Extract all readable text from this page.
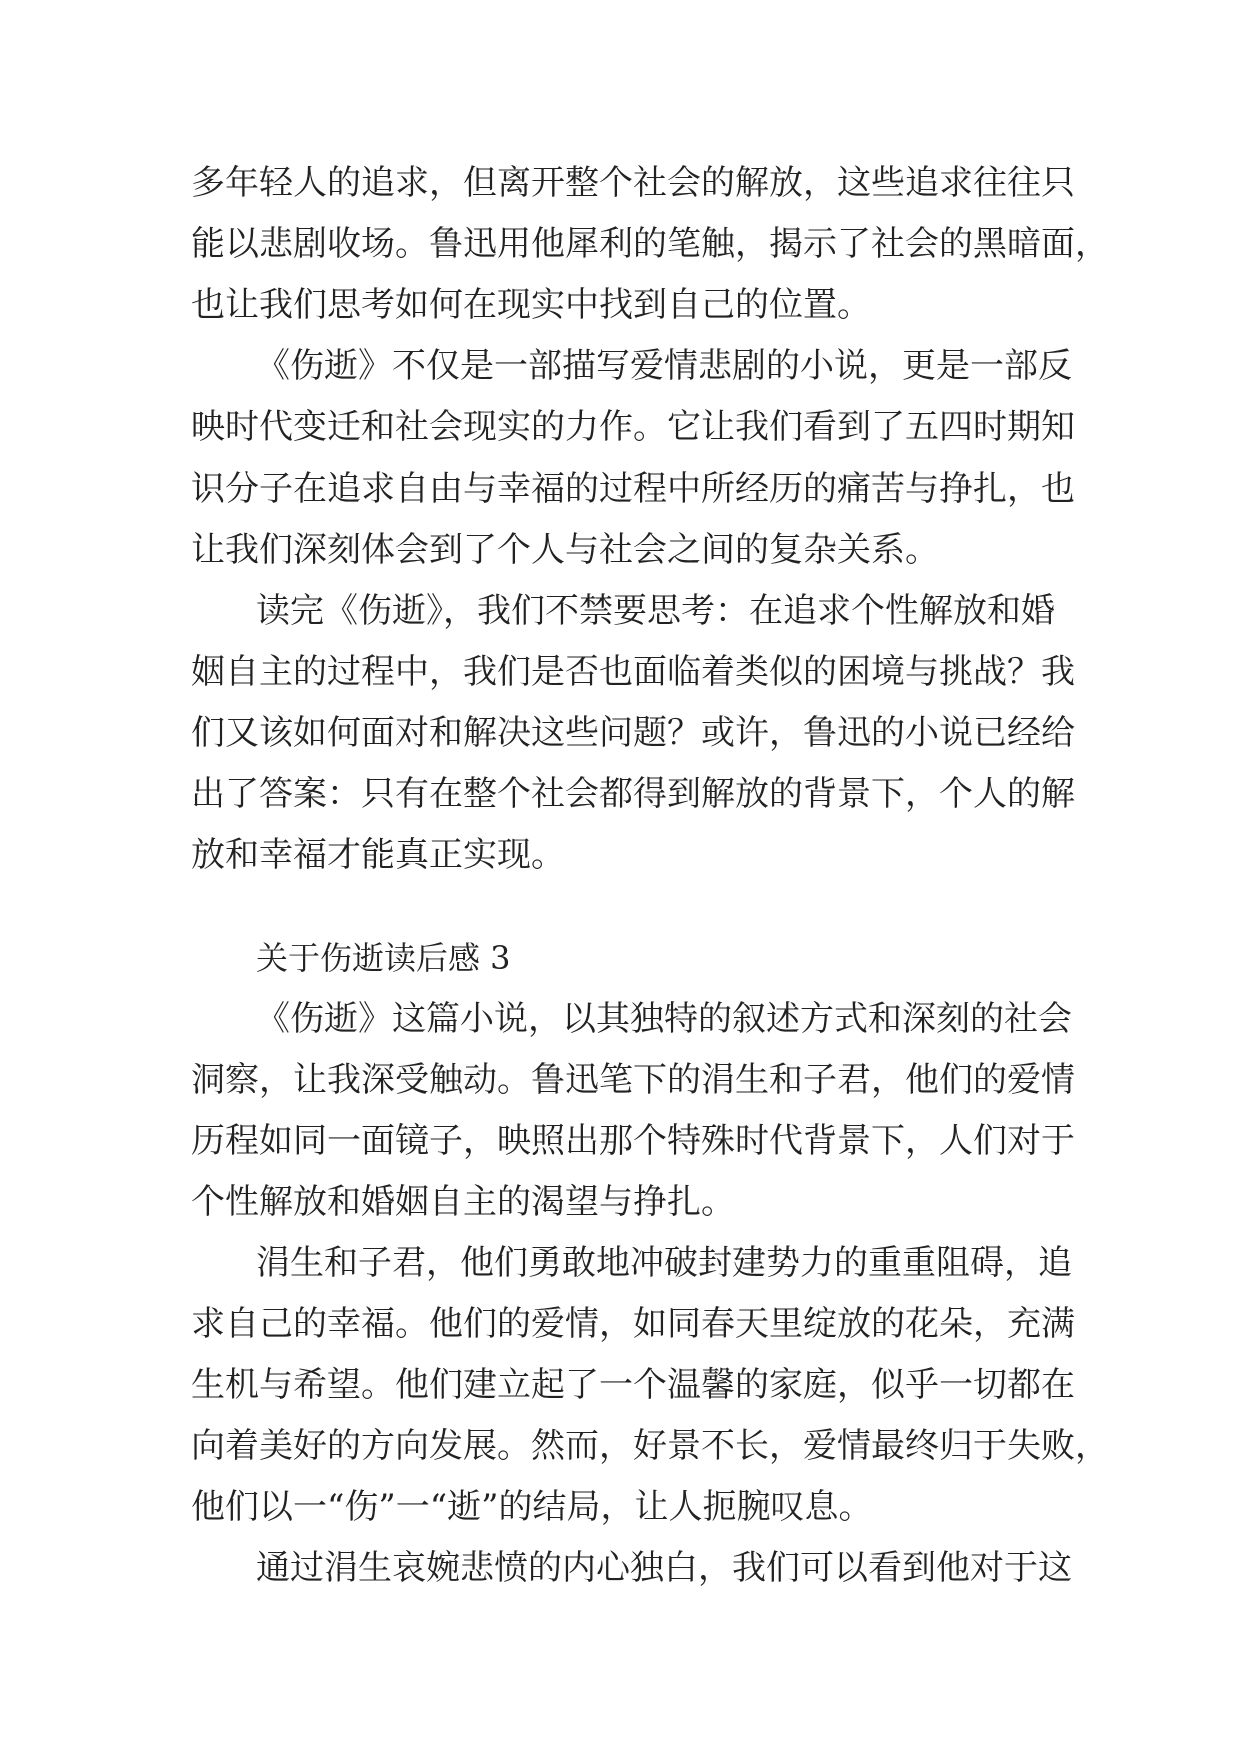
多年轻人的追求，但离开整个社会的解放，这些追求往往只
能以悲剧收场。鲁迅用他犀利的笔触，揭示了社会的黑暗面，
也让我们思考如何在现实中找到自己的位置。
《伤逝》不仅是一部描写爱情悲剧的小说，更是一部反
映时代变迁和社会现实的力作。它让我们看到了五四时期知
识分子在追求自由与幸福的过程中所经历的痛苦与挣扎，也
让我们深刻体会到了个人与社会之间的复杂关系。
读完《伤逝》，我们不禁要思考：在追求个性解放和婚
姻自主的过程中，我们是否也面临着类似的困境与挑战？我
们又该如何面对和解决这些问题？或许，鲁迅的小说已经给
出了答案：只有在整个社会都得到解放的背景下，个人的解
放和幸福才能真正实现。
关于伤逝读后感 3
《伤逝》这篇小说，以其独特的叙述方式和深刻的社会
洞察，让我深受触动。鲁迅笔下的涓生和子君，他们的爱情
历程如同一面镜子，映照出那个特殊时代背景下，人们对于
个性解放和婚姻自主的渴望与挣扎。
涓生和子君，他们勇敢地冲破封建势力的重重阻碍，追
求自己的幸福。他们的爱情，如同春天里绽放的花朵，充满
生机与希望。他们建立起了一个温馨的家庭，似乎一切都在
向着美好的方向发展。然而，好景不长，爱情最终归于失败，
他们以一“伤”一“逝”的结局，让人扼腕叹息。
通过涓生哀婉悲愤的内心独白，我们可以看到他对于这
